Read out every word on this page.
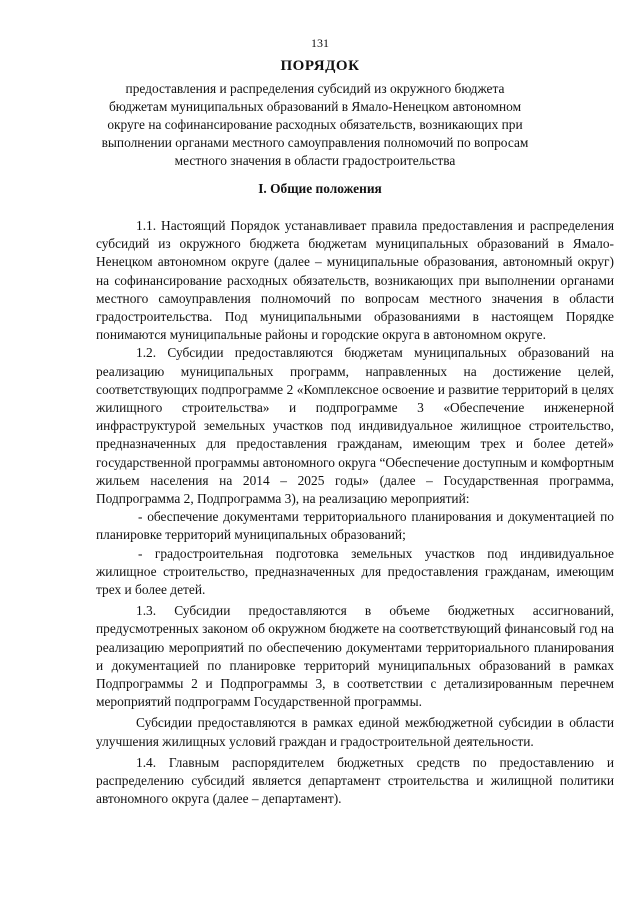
131
ПОРЯДОК
предоставления и распределения субсидий из окружного бюджета бюджетам муниципальных образований в Ямало-Ненецком автономном округе на софинансирование расходных обязательств, возникающих при выполнении органами местного самоуправления полномочий по вопросам местного значения в области градостроительства
I. Общие положения

1.1. Настоящий Порядок устанавливает правила предоставления и распределения субсидий из окружного бюджета бюджетам муниципальных образований в Ямало-Ненецком автономном округе (далее – муниципальные образования, автономный округ) на софинансирование расходных обязательств, возникающих при выполнении органами местного самоуправления полномочий по вопросам местного значения в области градостроительства. Под муниципальными образованиями в настоящем Порядке понимаются муниципальные районы и городские округа в автономном округе.

1.2. Субсидии предоставляются бюджетам муниципальных образований на реализацию муниципальных программ, направленных на достижение целей, соответствующих подпрограмме 2 «Комплексное освоение и развитие территорий в целях жилищного строительства» и подпрограмме 3 «Обеспечение инженерной инфраструктурой земельных участков под индивидуальное жилищное строительство, предназначенных для предоставления гражданам, имеющим трех и более детей» государственной программы автономного округа “Обеспечение доступным и комфортным жильем населения на 2014 – 2025 годы» (далее – Государственная программа, Подпрограмма 2, Подпрограмма 3), на реализацию мероприятий:

- обеспечение документами территориального планирования и документацией по планировке территорий муниципальных образований;

- градостроительная подготовка земельных участков под индивидуальное жилищное строительство, предназначенных для предоставления гражданам, имеющим трех и более детей.

1.3. Субсидии предоставляются в объеме бюджетных ассигнований, предусмотренных законом об окружном бюджете на соответствующий финансовый год на реализацию мероприятий по обеспечению документами территориального планирования и документацией по планировке территорий муниципальных образований в рамках Подпрограммы 2 и Подпрограммы 3, в соответствии с детализированным перечнем мероприятий подпрограмм Государственной программы.

Субсидии предоставляются в рамках единой межбюджетной субсидии в области улучшения жилищных условий граждан и градостроительной деятельности.

1.4. Главным распорядителем бюджетных средств по предоставлению и распределению субсидий является департамент строительства и жилищной политики автономного округа (далее – департамент).
